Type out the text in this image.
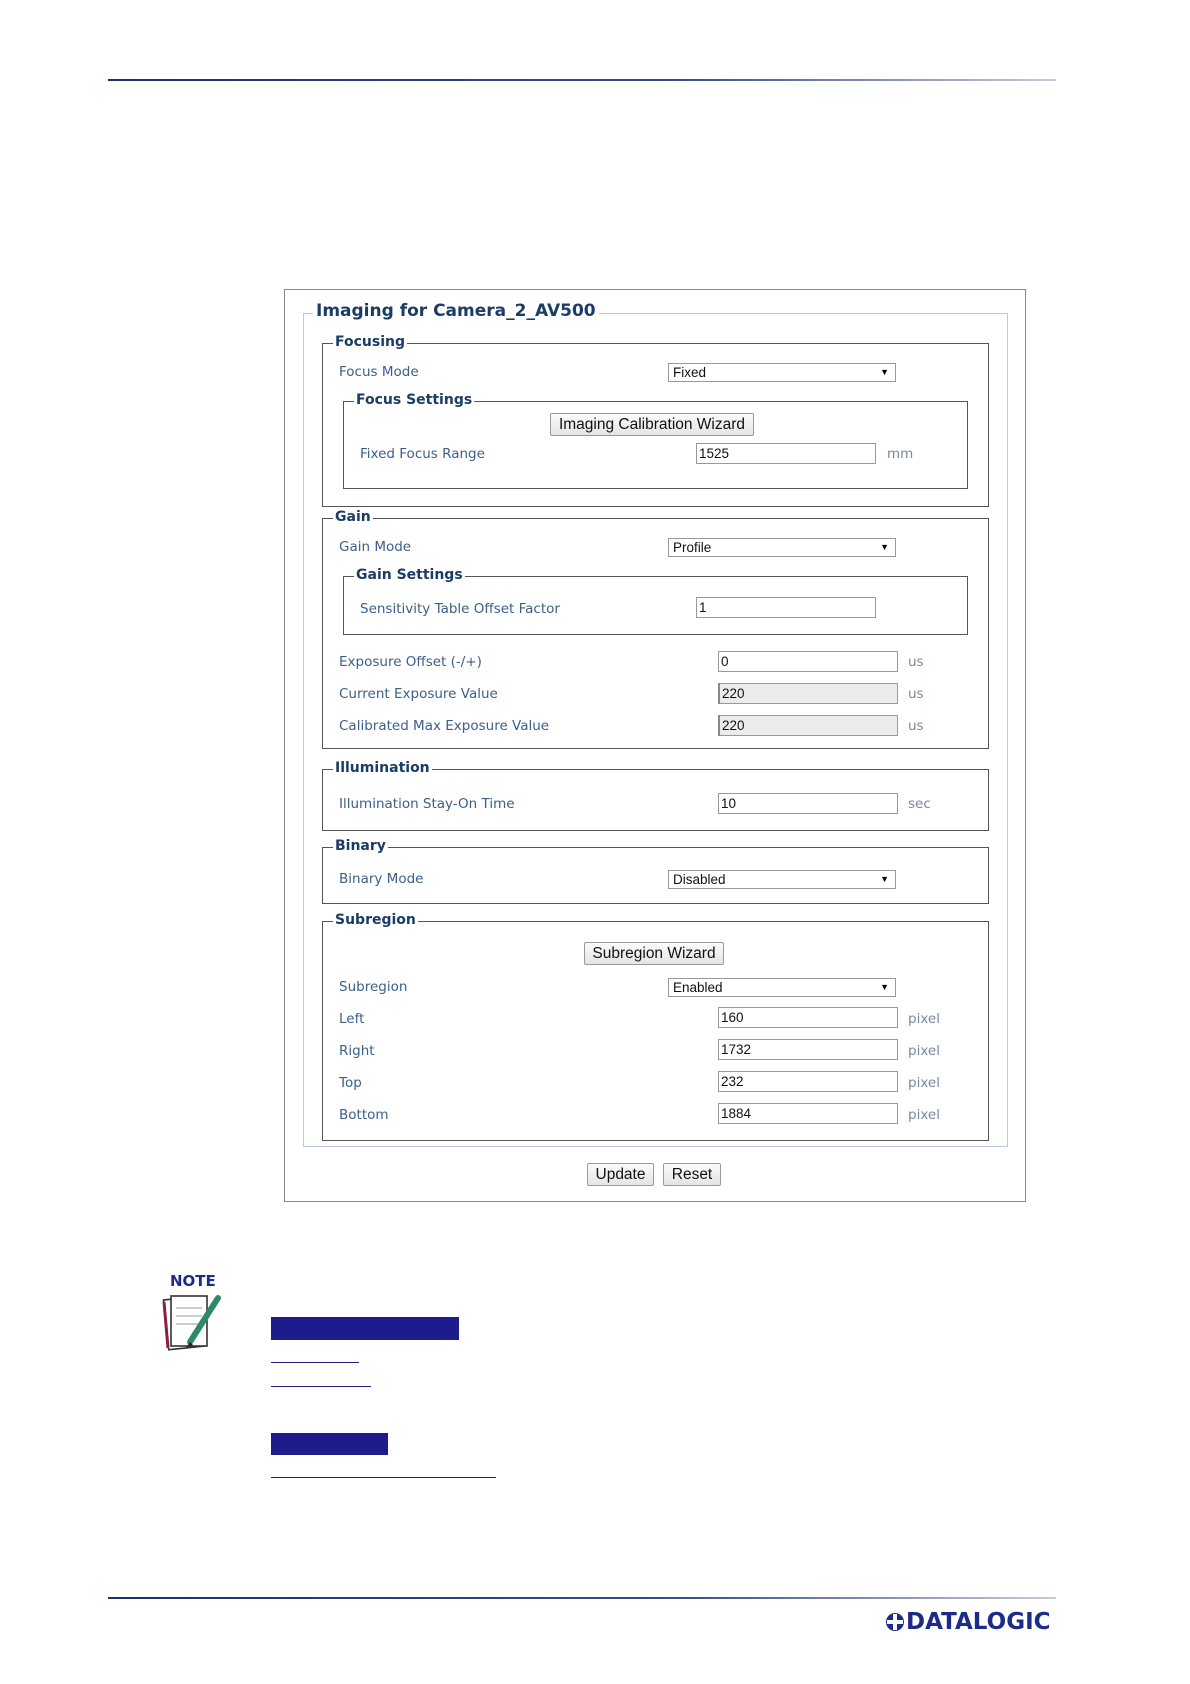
Imaging for Camera_2_AV500
Focusing
Focus Mode	Fixed	▼
Focus Settings
Imaging Calibration Wizard
Fixed Focus Range	1525	mm
Gain
Gain Mode	Profile	▼
Gain Settings
Sensitivity Table Offset Factor	1
Exposure Offset (-/+)	0	us
Current Exposure Value	220	us
Calibrated Max Exposure Value	220	us
Illumination
Illumination Stay-On Time	10	sec
Binary
Binary Mode	Disabled	▼
Subregion
Subregion Wizard
Subregion	Enabled	▼
Left	160	pixel
Right	1732	pixel
Top	232	pixel
Bottom	1884	pixel
Update	Reset
NOTE
DATALOGIC
